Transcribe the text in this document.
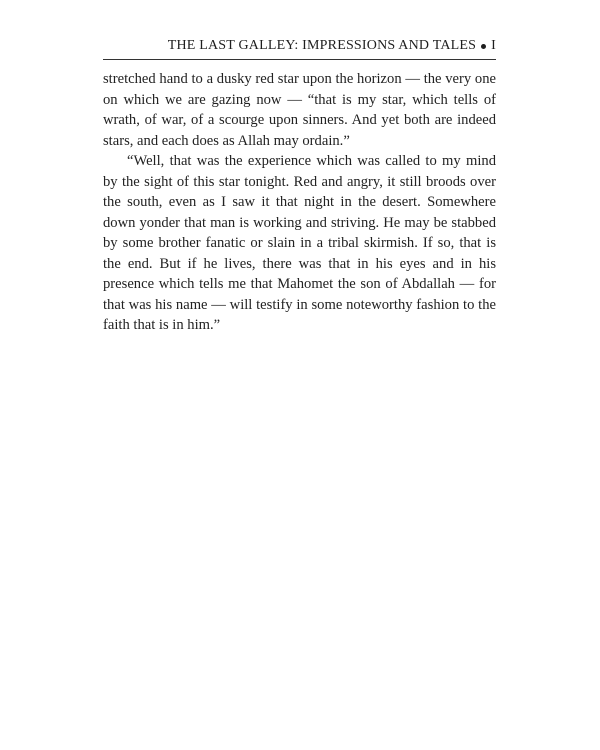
THE LAST GALLEY: IMPRESSIONS AND TALES I

stretched hand to a dusky red star upon the horizon — the very one on which we are gazing now — “that is my star, which tells of wrath, of war, of a scourge upon sinners. And yet both are indeed stars, and each does as Allah may ordain.”

“Well, that was the experience which was called to my mind by the sight of this star tonight. Red and angry, it still broods over the south, even as I saw it that night in the desert. Somewhere down yonder that man is working and striving. He may be stabbed by some brother fanatic or slain in a tribal skirmish. If so, that is the end. But if he lives, there was that in his eyes and in his presence which tells me that Mahomet the son of Abdallah — for that was his name — will testify in some noteworthy fashion to the faith that is in him.”
